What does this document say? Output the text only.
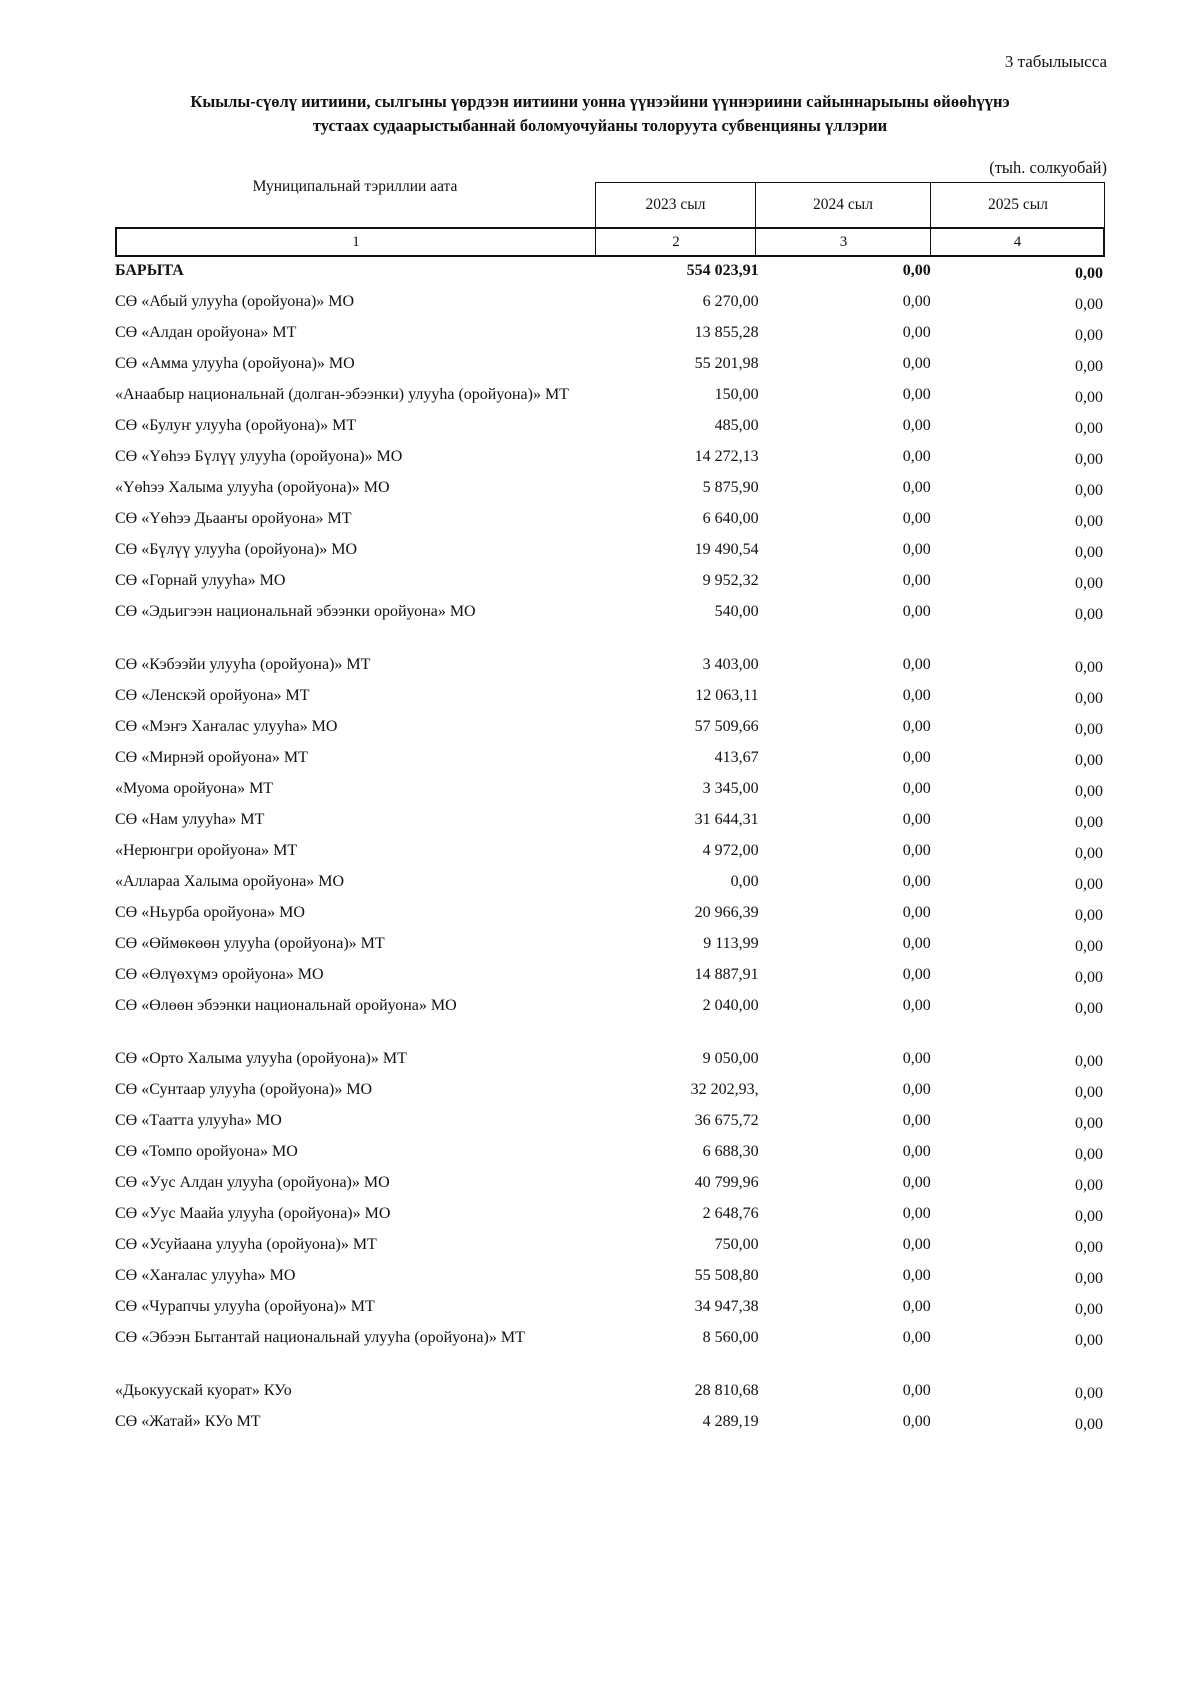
3 табылыысса
Кыылы-сүөлү иитиини, сылгыны үөрдээн иитиини уонна үүнээйини үүннэриини сайыннарыыны өйөөһүүнэ
тустаах судаарыстыбаннай боломуочуйаны толоруута субвенцияны үллэрии
(тыһ. солкуобай)
Муниципальнай тэриллии аата
2023 сыл	2024 сыл	2025 сыл
1	2	3	4
БАРЫТА	554 023,91	0,00	0,00
СӨ «Абый улууһа (оройуона)» МО	6 270,00	0,00	0,00
СӨ «Алдан оройуона» МТ	13 855,28	0,00	0,00
СӨ «Амма улууһа (оройуона)» МО	55 201,98	0,00	0,00
«Анаабыр национальнай (долган-эбээнки) улууһа (оройуона)» МТ	150,00	0,00	0,00
СӨ «Булуҥ улууһа (оройуона)» МТ	485,00	0,00	0,00
СӨ «Үөһээ Бүлүү улууһа (оройуона)» МО	14 272,13	0,00	0,00
«Үөһээ Халыма улууһа (оройуона)» МО	5 875,90	0,00	0,00
СӨ «Үөһээ Дьааҥы оройуона» МТ	6 640,00	0,00	0,00
СӨ «Бүлүү улууһа (оройуона)» МО	19 490,54	0,00	0,00
СӨ «Горнай улууһа» МО	9 952,32	0,00	0,00
СӨ «Эдьигээн национальнай эбээнки оройуона» МО	540,00	0,00	0,00

СӨ «Кэбээйи улууһа (оройуона)» МТ	3 403,00	0,00	0,00
СӨ «Ленскэй оройуона» МТ	12 063,11	0,00	0,00
СӨ «Мэҥэ Хаҥалас улууһа» МО	57 509,66	0,00	0,00
СӨ «Мирнэй оройуона» МТ	413,67	0,00	0,00
«Муома оройуона» МТ	3 345,00	0,00	0,00
СӨ «Нам улууһа» МТ	31 644,31	0,00	0,00
«Нерюнгри оройуона» МТ	4 972,00	0,00	0,00
«Аллараа Халыма оройуона» МО	0,00	0,00	0,00
СӨ «Ньурба оройуона» МО	20 966,39	0,00	0,00
СӨ «Өймөкөөн улууһа (оройуона)» МТ	9 113,99	0,00	0,00
СӨ «Өлүөхүмэ оройуона» МО	14 887,91	0,00	0,00
СӨ «Өлөөн эбээнки национальнай оройуона» МО	2 040,00	0,00	0,00

СӨ «Орто Халыма улууһа (оройуона)» МТ	9 050,00	0,00	0,00
СӨ «Сунтаар улууһа (оройуона)» МО	32 202,93,	0,00	0,00
СӨ «Таатта улууһа» МО	36 675,72	0,00	0,00
СӨ «Томпо оройуона» МО	6 688,30	0,00	0,00
СӨ «Уус Алдан улууһа (оройуона)» МО	40 799,96	0,00	0,00
СӨ «Уус Маайа улууһа (оройуона)» МО	2 648,76	0,00	0,00
СӨ «Усуйаана улууһа (оройуона)» МТ	750,00	0,00	0,00
СӨ «Хаҥалас улууһа» МО	55 508,80	0,00	0,00
СӨ «Чурапчы улууһа (оройуона)» МТ	34 947,38	0,00	0,00
СӨ «Эбээн Бытантай национальнай улууһа (оройуона)» МТ	8 560,00	0,00	0,00

«Дьокуускай куорат» КУо	28 810,68	0,00	0,00
СӨ «Жатай» КУо МТ	4 289,19	0,00	0,00
